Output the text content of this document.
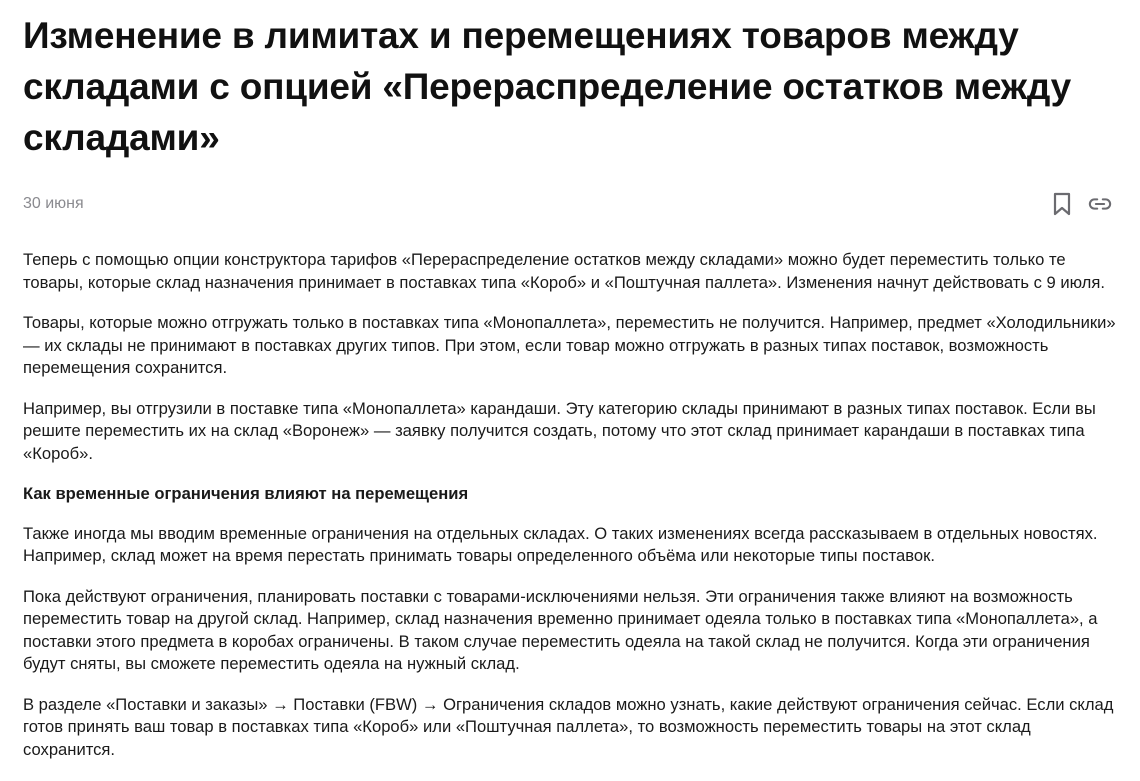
Изменение в лимитах и перемещениях товаров между складами с опцией «Перераспределение остатков между складами»
30 июня

Теперь с помощью опции конструктора тарифов «Перераспределение остатков между складами» можно будет переместить только те товары, которые склад назначения принимает в поставках типа «Короб» и «Поштучная паллета». Изменения начнут действовать с 9 июля.

Товары, которые можно отгружать только в поставках типа «Монопаллета», переместить не получится. Например, предмет «Холодильники» — их склады не принимают в поставках других типов. При этом, если товар можно отгружать в разных типах поставок, возможность перемещения сохранится.

Например, вы отгрузили в поставке типа «Монопаллета» карандаши. Эту категорию склады принимают в разных типах поставок. Если вы решите переместить их на склад «Воронеж» — заявку получится создать, потому что этот склад принимает карандаши в поставках типа «Короб».

Как временные ограничения влияют на перемещения

Также иногда мы вводим временные ограничения на отдельных складах. О таких изменениях всегда рассказываем в отдельных новостях. Например, склад может на время перестать принимать товары определенного объёма или некоторые типы поставок.

Пока действуют ограничения, планировать поставки с товарами-исключениями нельзя. Эти ограничения также влияют на возможность переместить товар на другой склад. Например, склад назначения временно принимает одеяла только в поставках типа «Монопаллета», а поставки этого предмета в коробах ограничены. В таком случае переместить одеяла на такой склад не получится. Когда эти ограничения будут сняты, вы сможете переместить одеяла на нужный склад.

В разделе «Поставки и заказы» → Поставки (FBW) → Ограничения складов можно узнать, какие действуют ограничения сейчас. Если склад готов принять ваш товар в поставках типа «Короб» или «Поштучная паллета», то возможность переместить товары на этот склад сохранится.
